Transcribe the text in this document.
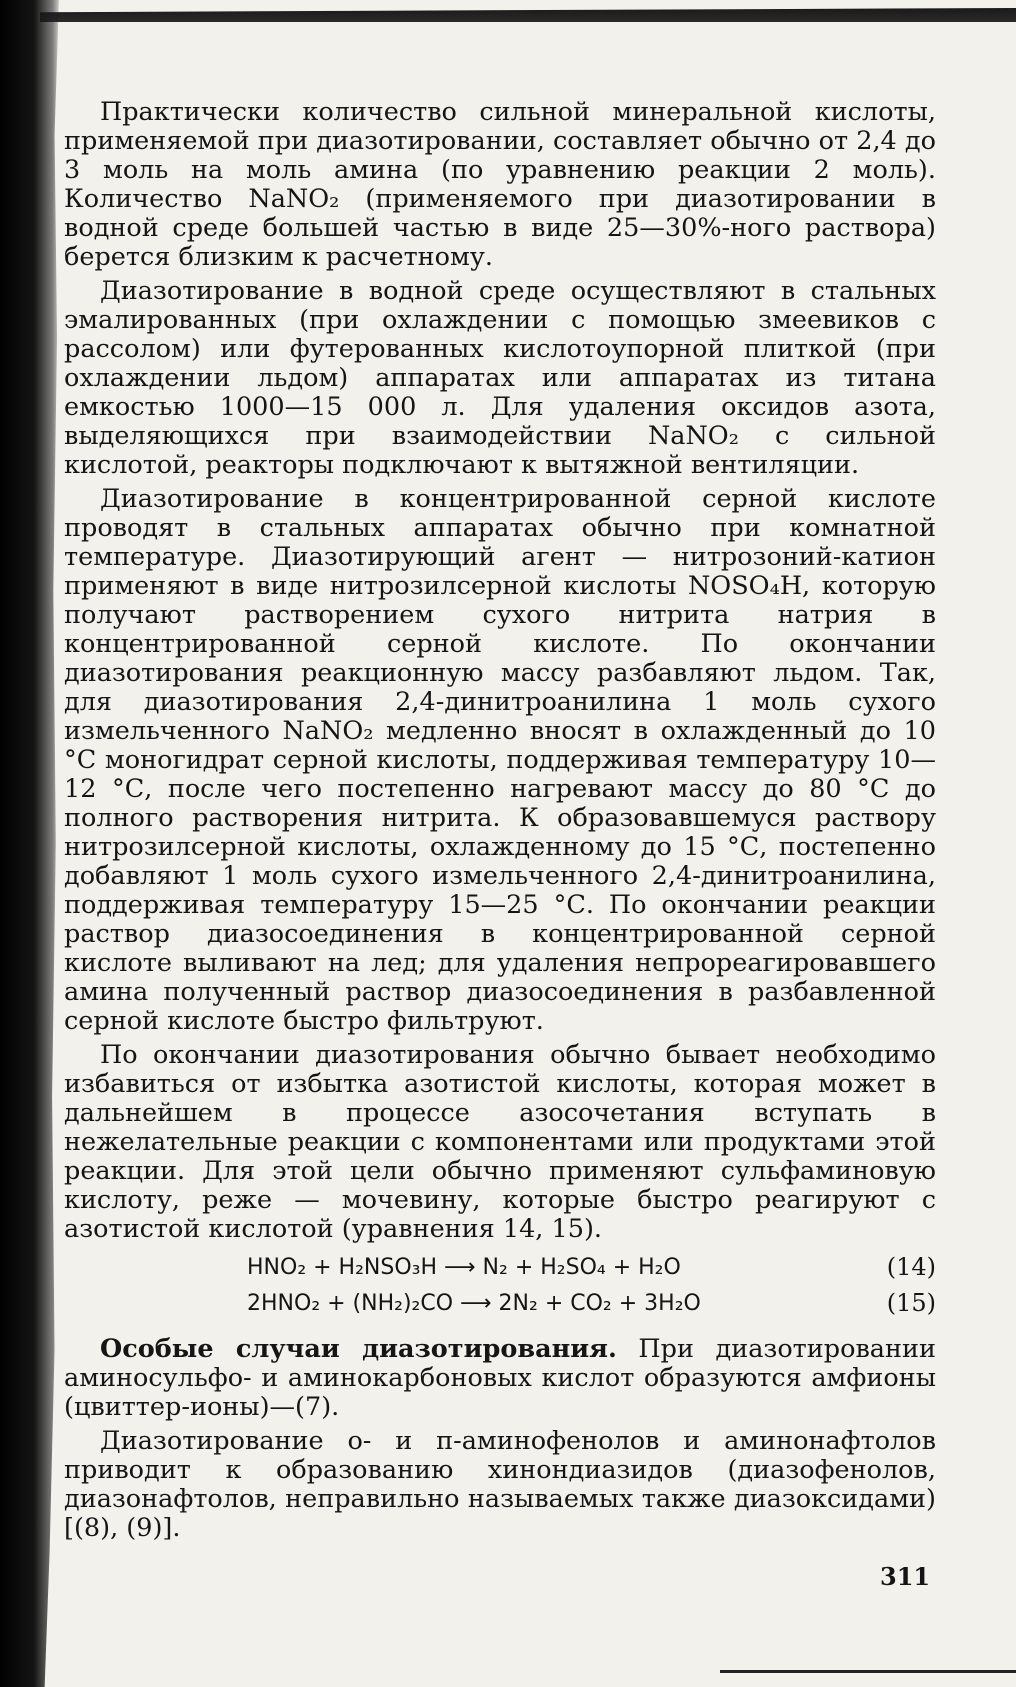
Практически количество сильной минеральной кислоты, применяемой при диазотировании, составляет обычно от 2,4 до 3 моль на моль амина (по уравнению реакции 2 моль). Количество NaNO₂ (применяемого при диазотировании в водной среде большей частью в виде 25—30%-ного раствора) берется близким к расчетному.

Диазотирование в водной среде осуществляют в стальных эмалированных (при охлаждении с помощью змеевиков с рассолом) или футерованных кислотоупорной плиткой (при охлаждении льдом) аппаратах или аппаратах из титана емкостью 1000—15 000 л. Для удаления оксидов азота, выделяющихся при взаимодействии NaNO₂ с сильной кислотой, реакторы подключают к вытяжной вентиляции.

Диазотирование в концентрированной серной кислоте проводят в стальных аппаратах обычно при комнатной температуре. Диазотирующий агент — нитрозоний-катион применяют в виде нитрозилсерной кислоты NOSO₄H, которую получают растворением сухого нитрита натрия в концентрированной серной кислоте. По окончании диазотирования реакционную массу разбавляют льдом. Так, для диазотирования 2,4-динитроанилина 1 моль сухого измельченного NaNO₂ медленно вносят в охлажденный до 10 °С моногидрат серной кислоты, поддерживая температуру 10—12 °С, после чего постепенно нагревают массу до 80 °С до полного растворения нитрита. К образовавшемуся раствору нитрозилсерной кислоты, охлажденному до 15 °С, постепенно добавляют 1 моль сухого измельченного 2,4-динитроанилина, поддерживая температуру 15—25 °С. По окончании реакции раствор диазосоединения в концентрированной серной кислоте выливают на лед; для удаления непрореагировавшего амина полученный раствор диазосоединения в разбавленной серной кислоте быстро фильтруют.

По окончании диазотирования обычно бывает необходимо избавиться от избытка азотистой кислоты, которая может в дальнейшем в процессе азосочетания вступать в нежелательные реакции с компонентами или продуктами этой реакции. Для этой цели обычно применяют сульфаминовую кислоту, реже — мочевину, которые быстро реагируют с азотистой кислотой (уравнения 14, 15).

HNO₂ + H₂NSO₃H ⟶ N₂ + H₂SO₄ + H₂O	(14)
2HNO₂ + (NH₂)₂CO ⟶ 2N₂ + CO₂ + 3H₂O	(15)

Особые случаи диазотирования. При диазотировании аминосульфо- и аминокарбоновых кислот образуются амфионы (цвиттер-ионы)—(7).

Диазотирование о- и п-аминофенолов и аминонафтолов приводит к образованию хинондиазидов (диазофенолов, диазонафтолов, неправильно называемых также диазоксидами) [(8), (9)].

311
